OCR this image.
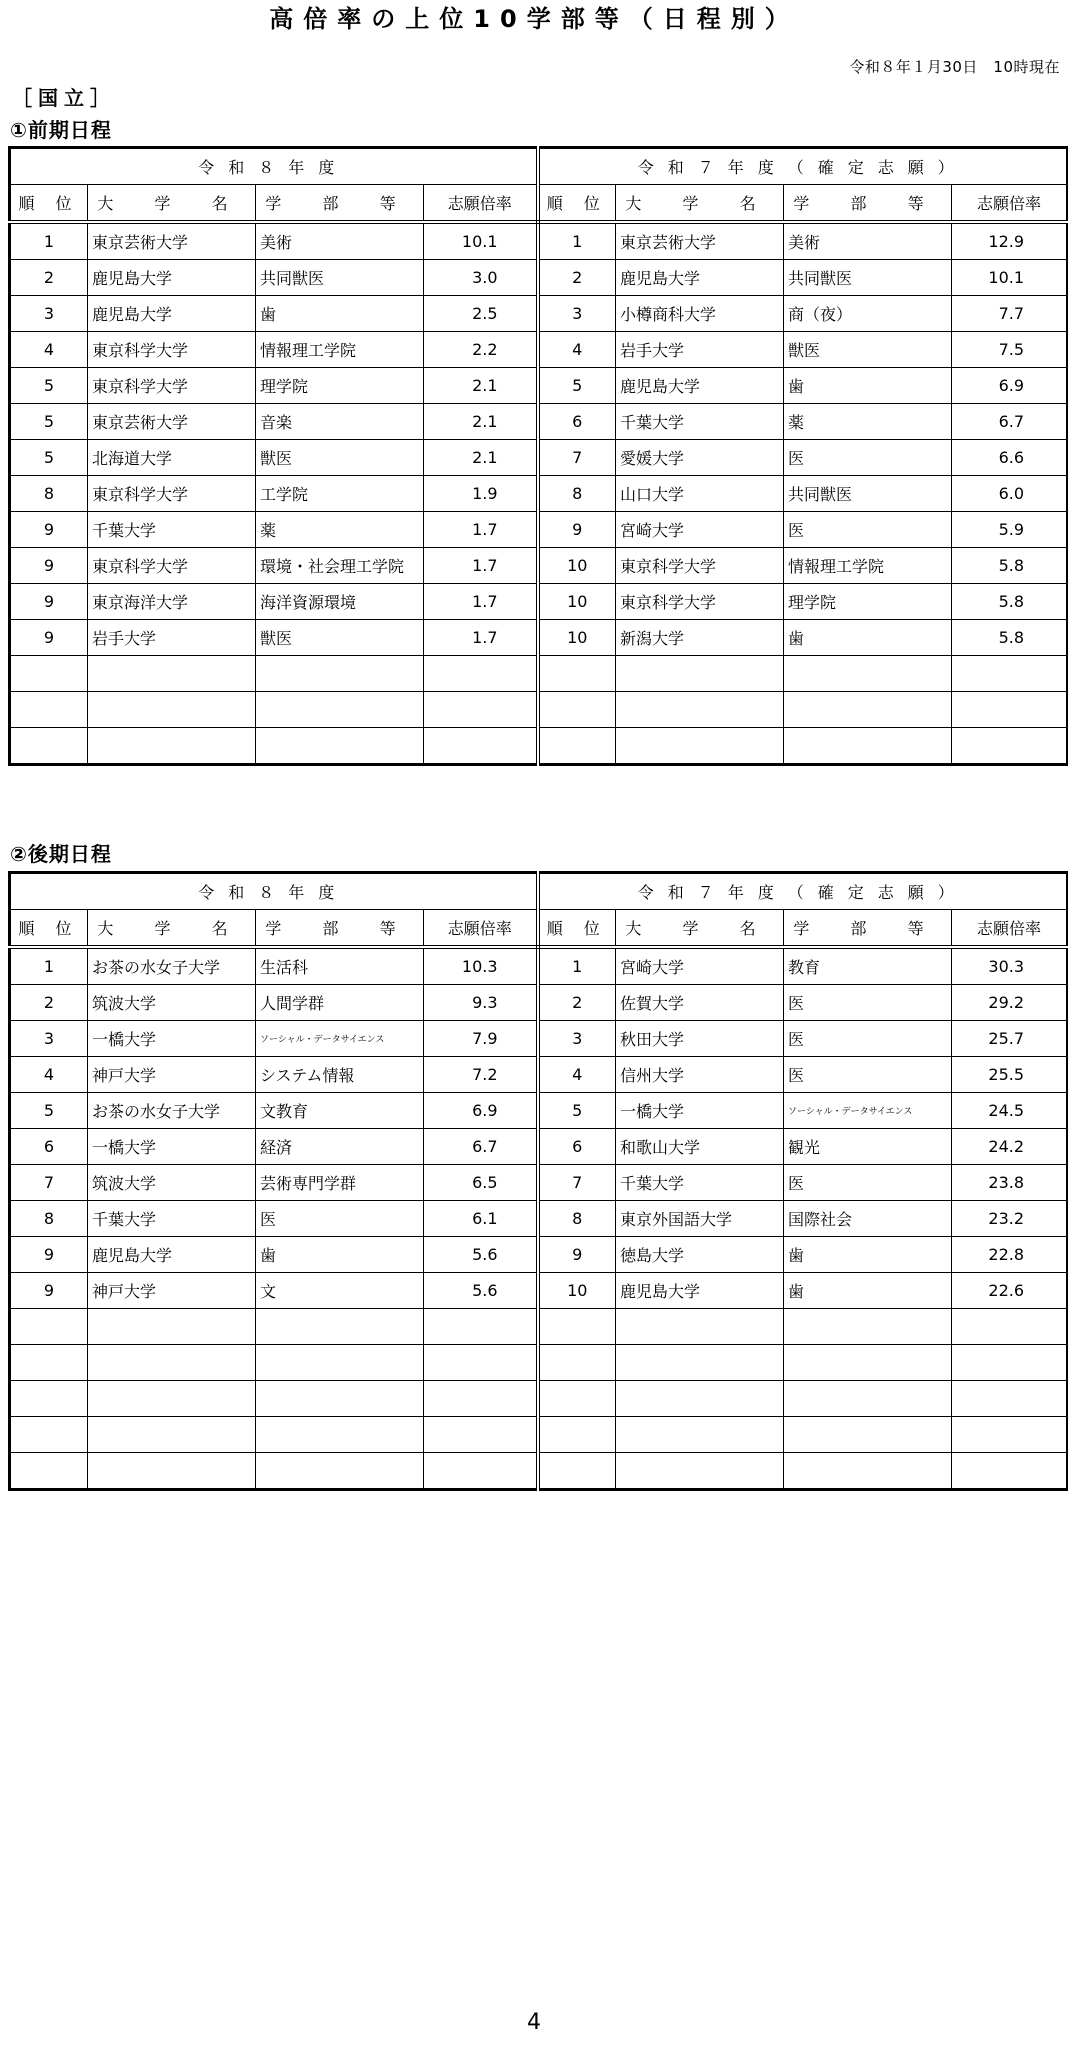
高倍率の上位10学部等（日程別）
令和８年１月30日　10時現在
［国立］
①前期日程
令和８年度				令和７年度（確定志願）			
順 位	大 学 名	学 部 等	志願倍率	順 位	大 学 名	学 部 等	志願倍率
1	東京芸術大学	美術	10.1	1	東京芸術大学	美術	12.9
2	鹿児島大学	共同獣医	3.0	2	鹿児島大学	共同獣医	10.1
3	鹿児島大学	歯	2.5	3	小樽商科大学	商（夜）	7.7
4	東京科学大学	情報理工学院	2.2	4	岩手大学	獣医	7.5
5	東京科学大学	理学院	2.1	5	鹿児島大学	歯	6.9
5	東京芸術大学	音楽	2.1	6	千葉大学	薬	6.7
5	北海道大学	獣医	2.1	7	愛媛大学	医	6.6
8	東京科学大学	工学院	1.9	8	山口大学	共同獣医	6.0
9	千葉大学	薬	1.7	9	宮崎大学	医	5.9
9	東京科学大学	環境・社会理工学院	1.7	10	東京科学大学	情報理工学院	5.8
9	東京海洋大学	海洋資源環境	1.7	10	東京科学大学	理学院	5.8
9	岩手大学	獣医	1.7	10	新潟大学	歯	5.8

②後期日程
令和８年度				令和７年度（確定志願）			
順 位	大 学 名	学 部 等	志願倍率	順 位	大 学 名	学 部 等	志願倍率
1	お茶の水女子大学	生活科	10.3	1	宮崎大学	教育	30.3
2	筑波大学	人間学群	9.3	2	佐賀大学	医	29.2
3	一橋大学	ソーシャル・データサイエンス	7.9	3	秋田大学	医	25.7
4	神戸大学	システム情報	7.2	4	信州大学	医	25.5
5	お茶の水女子大学	文教育	6.9	5	一橋大学	ソーシャル・データサイエンス	24.5
6	一橋大学	経済	6.7	6	和歌山大学	観光	24.2
7	筑波大学	芸術専門学群	6.5	7	千葉大学	医	23.8
8	千葉大学	医	6.1	8	東京外国語大学	国際社会	23.2
9	鹿児島大学	歯	5.6	9	徳島大学	歯	22.8
9	神戸大学	文	5.6	10	鹿児島大学	歯	22.6

4
